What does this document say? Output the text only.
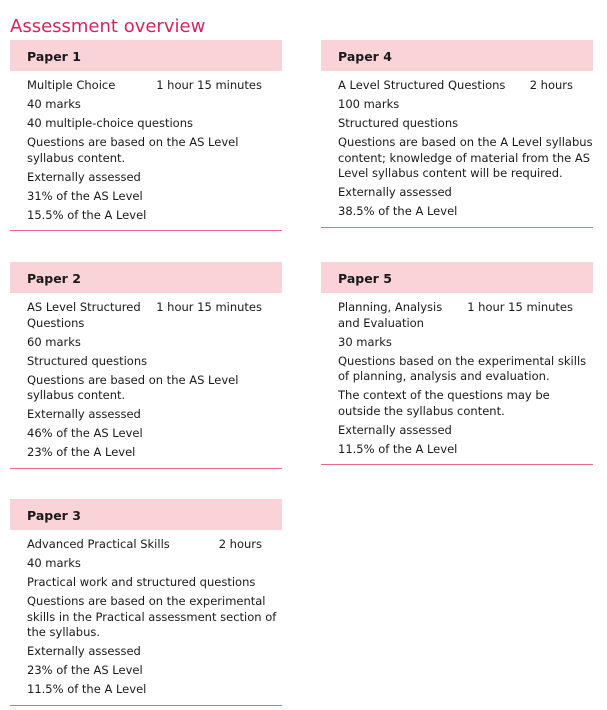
Assessment overview
Paper 1
Multiple Choice	1 hour 15 minutes
40 marks
40 multiple-choice questions
Questions are based on the AS Level syllabus content.
Externally assessed
31% of the AS Level
15.5% of the A Level
Paper 4
A Level Structured Questions 2 hours
100 marks
Structured questions
Questions are based on the A Level syllabus content; knowledge of material from the AS Level syllabus content will be required.
Externally assessed
38.5% of the A Level
Paper 2
AS Level Structured Questions
1 hour 15 minutes
60 marks
Structured questions
Questions are based on the AS Level syllabus content.
Externally assessed
46% of the AS Level
23% of the A Level
Paper 5
Planning, Analysis and Evaluation
1 hour 15 minutes
30 marks
Questions based on the experimental skills of planning, analysis and evaluation.
The context of the questions may be outside the syllabus content.
Externally assessed
11.5% of the A Level
Paper 3
Advanced Practical Skills	2 hours
40 marks
Practical work and structured questions
Questions are based on the experimental skills in the Practical assessment section of the syllabus.
Externally assessed
23% of the AS Level
11.5% of the A Level
